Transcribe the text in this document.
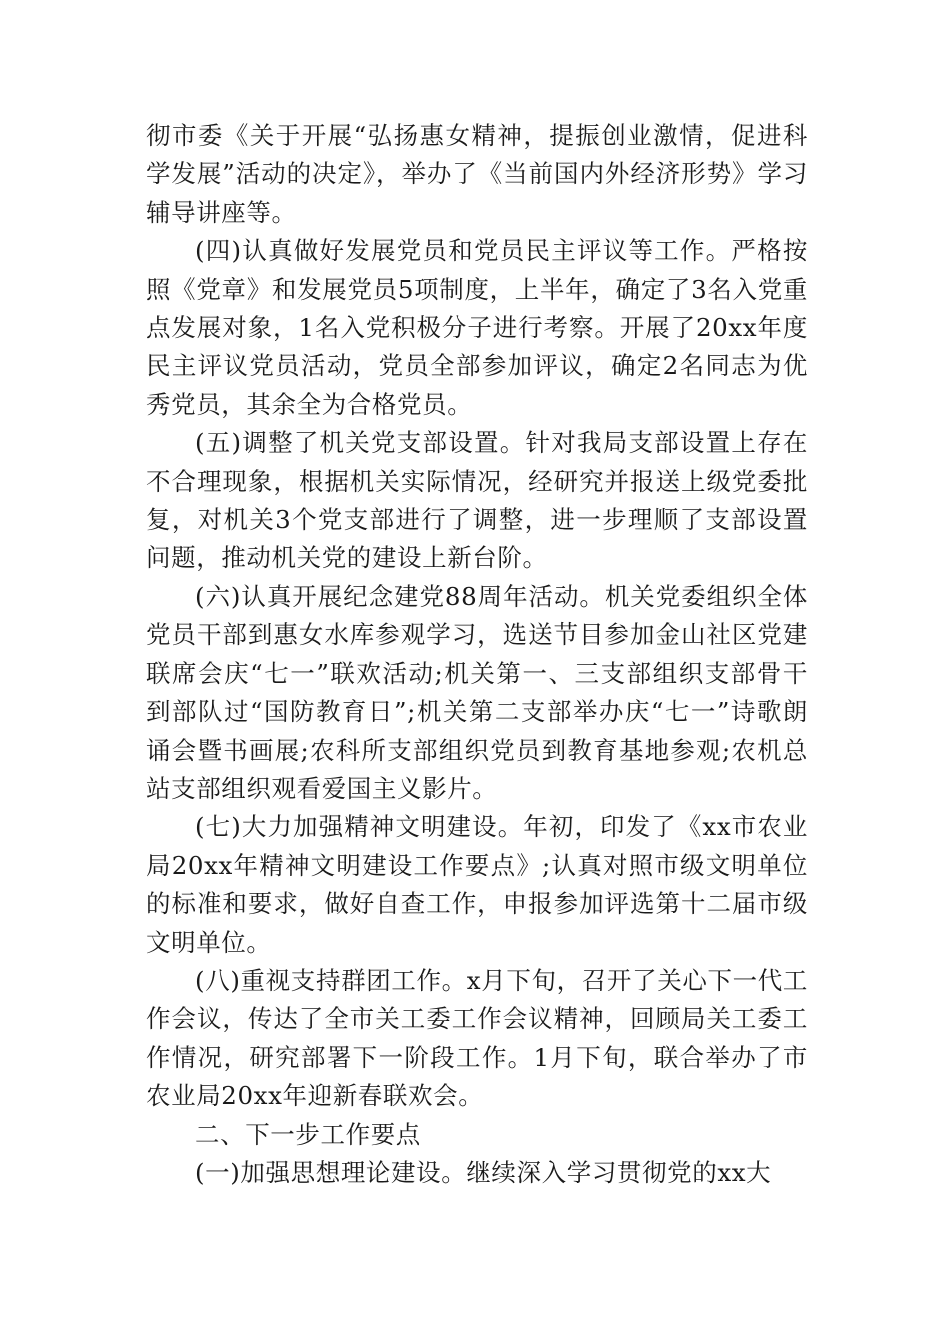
彻市委《关于开展“弘扬惠女精神，提振创业激情，促进科学发展”活动的决定》，举办了《当前国内外经济形势》学习辅导讲座等。

(四)认真做好发展党员和党员民主评议等工作。严格按照《党章》和发展党员5项制度，上半年，确定了3名入党重点发展对象，1名入党积极分子进行考察。开展了20xx年度民主评议党员活动，党员全部参加评议，确定2名同志为优秀党员，其余全为合格党员。

(五)调整了机关党支部设置。针对我局支部设置上存在不合理现象，根据机关实际情况，经研究并报送上级党委批复，对机关3个党支部进行了调整，进一步理顺了支部设置问题，推动机关党的建设上新台阶。

(六)认真开展纪念建党88周年活动。机关党委组织全体党员干部到惠女水库参观学习，选送节目参加金山社区党建联席会庆“七一”联欢活动;机关第一、三支部组织支部骨干到部队过“国防教育日”;机关第二支部举办庆“七一”诗歌朗诵会暨书画展;农科所支部组织党员到教育基地参观;农机总站支部组织观看爱国主义影片。

(七)大力加强精神文明建设。年初，印发了《xx市农业局20xx年精神文明建设工作要点》;认真对照市级文明单位的标准和要求，做好自查工作，申报参加评选第十二届市级文明单位。

(八)重视支持群团工作。x月下旬，召开了关心下一代工作会议，传达了全市关工委工作会议精神，回顾局关工委工作情况，研究部署下一阶段工作。1月下旬，联合举办了市农业局20xx年迎新春联欢会。

二、下一步工作要点

(一)加强思想理论建设。继续深入学习贯彻党的xx大
